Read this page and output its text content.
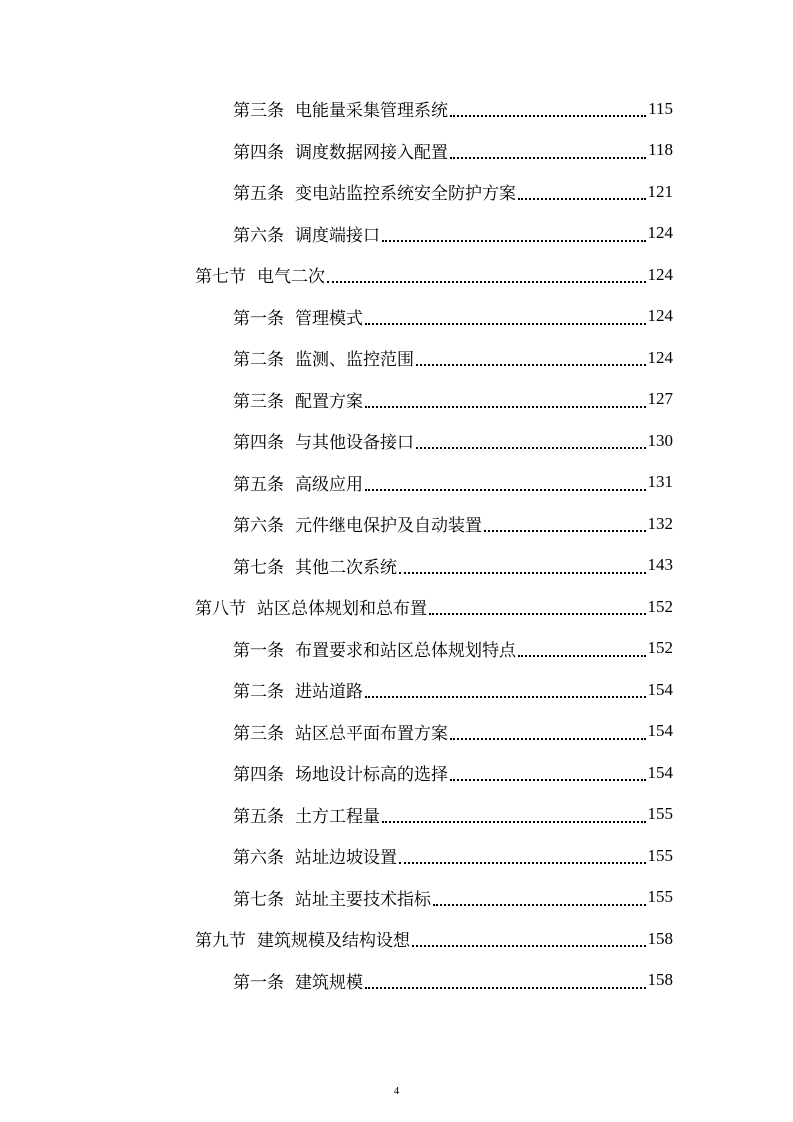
第三条 电能量采集管理系统	115
第四条 调度数据网接入配置	118
第五条 变电站监控系统安全防护方案	121
第六条 调度端接口	124
第七节 电气二次	124
第一条 管理模式	124
第二条 监测、监控范围	124
第三条 配置方案	127
第四条 与其他设备接口	130
第五条 高级应用	131
第六条 元件继电保护及自动装置	132
第七条 其他二次系统	143
第八节 站区总体规划和总布置	152
第一条 布置要求和站区总体规划特点	152
第二条 进站道路	154
第三条 站区总平面布置方案	154
第四条 场地设计标高的选择	154
第五条 土方工程量	155
第六条 站址边坡设置	155
第七条 站址主要技术指标	155
第九节 建筑规模及结构设想	158
第一条 建筑规模	158
4
